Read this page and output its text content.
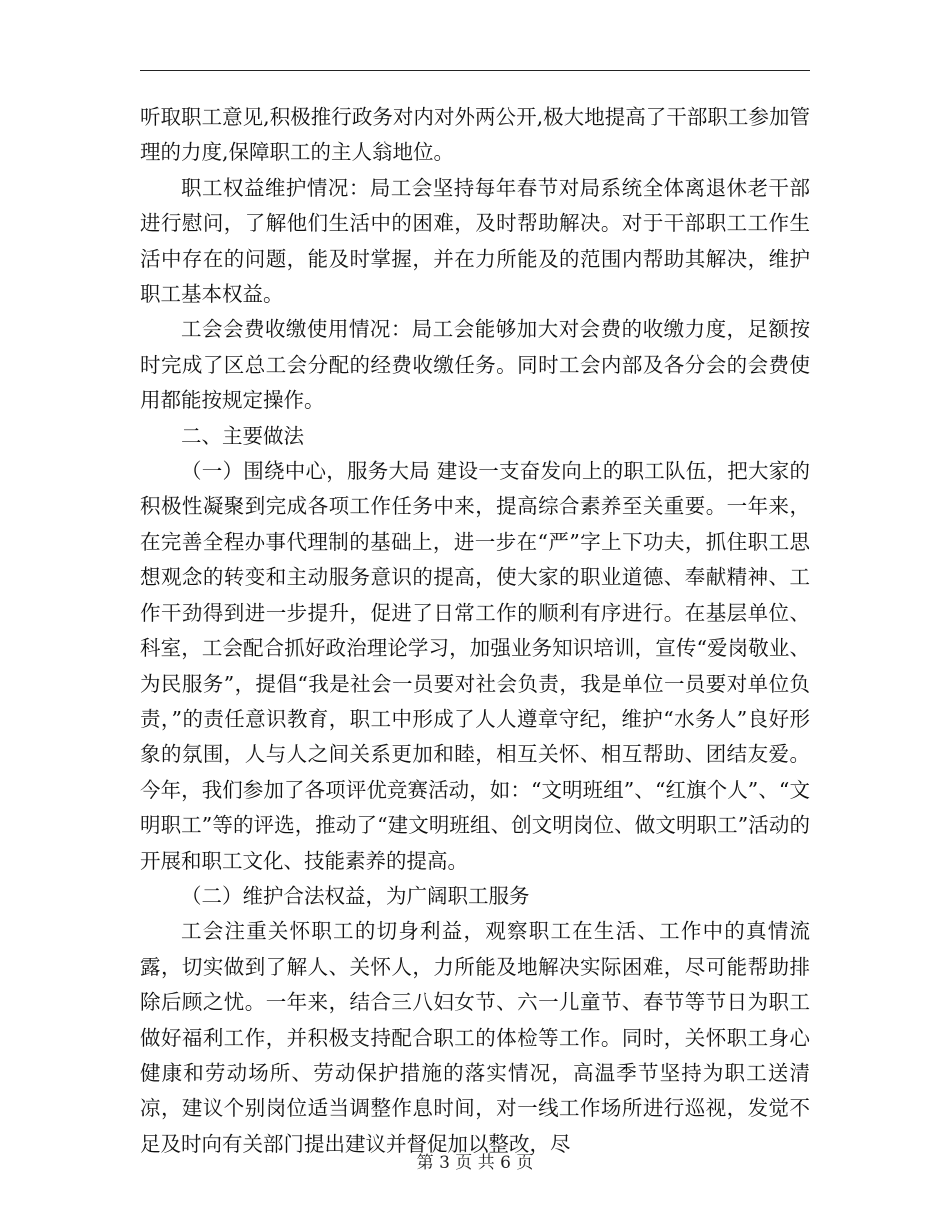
听取职工意见,积极推行政务对内对外两公开,极大地提高了干部职工参加管理的力度,保障职工的主人翁地位。

职工权益维护情况：局工会坚持每年春节对局系统全体离退休老干部进行慰问，了解他们生活中的困难，及时帮助解决。对于干部职工工作生活中存在的问题，能及时掌握，并在力所能及的范围内帮助其解决，维护职工基本权益。

工会会费收缴使用情况：局工会能够加大对会费的收缴力度，足额按时完成了区总工会分配的经费收缴任务。同时工会内部及各分会的会费使用都能按规定操作。

二、主要做法

（一）围绕中心，服务大局 建设一支奋发向上的职工队伍，把大家的积极性凝聚到完成各项工作任务中来，提高综合素养至关重要。一年来，在完善全程办事代理制的基础上，进一步在“严”字上下功夫，抓住职工思想观念的转变和主动服务意识的提高，使大家的职业道德、奉献精神、工作干劲得到进一步提升，促进了日常工作的顺利有序进行。在基层单位、科室，工会配合抓好政治理论学习，加强业务知识培训，宣传“爱岗敬业、为民服务”，提倡“我是社会一员要对社会负责，我是单位一员要对单位负责，”的责任意识教育，职工中形成了人人遵章守纪，维护“水务人”良好形象的氛围，人与人之间关系更加和睦，相互关怀、相互帮助、团结友爱。今年，我们参加了各项评优竞赛活动，如：“文明班组”、“红旗个人”、“文明职工”等的评选，推动了“建文明班组、创文明岗位、做文明职工”活动的开展和职工文化、技能素养的提高。

（二）维护合法权益，为广阔职工服务

工会注重关怀职工的切身利益，观察职工在生活、工作中的真情流露，切实做到了解人、关怀人，力所能及地解决实际困难，尽可能帮助排除后顾之忧。一年来，结合三八妇女节、六一儿童节、春节等节日为职工做好福利工作，并积极支持配合职工的体检等工作。同时，关怀职工身心健康和劳动场所、劳动保护措施的落实情况，高温季节坚持为职工送清凉，建议个别岗位适当调整作息时间，对一线工作场所进行巡视，发觉不足及时向有关部门提出建议并督促加以整改，尽

第 3 页 共 6 页
